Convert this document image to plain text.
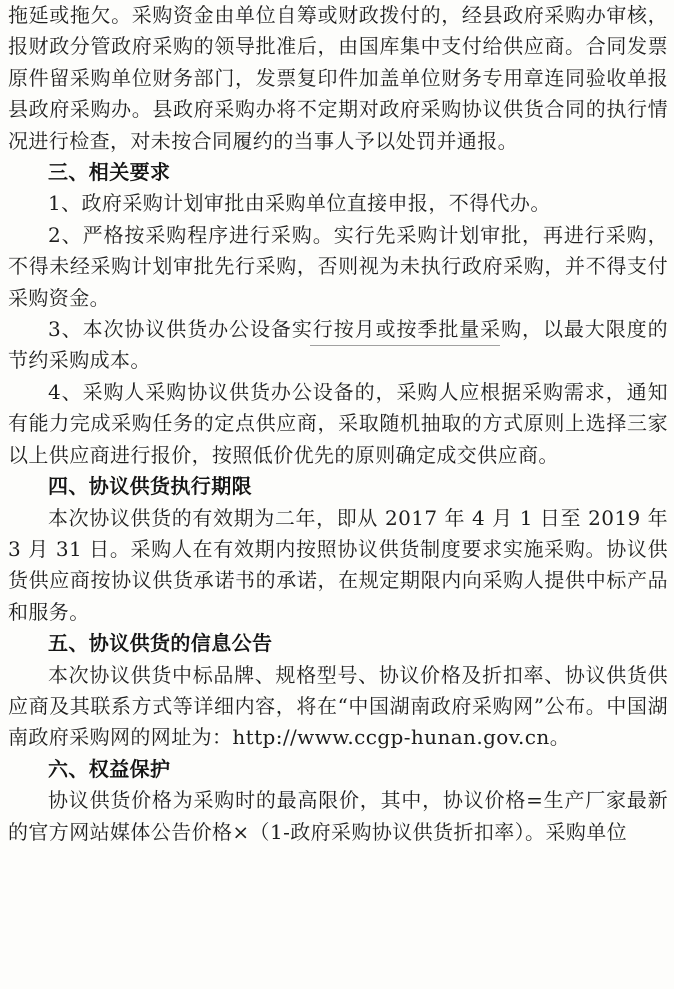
拖延或拖欠。采购资金由单位自筹或财政拨付的，经县政府采购办审核，报财政分管政府采购的领导批准后，由国库集中支付给供应商。合同发票原件留采购单位财务部门，发票复印件加盖单位财务专用章连同验收单报县政府采购办。县政府采购办将不定期对政府采购协议供货合同的执行情况进行检查，对未按合同履约的当事人予以处罚并通报。

三、相关要求

1、政府采购计划审批由采购单位直接申报，不得代办。

2、严格按采购程序进行采购。实行先采购计划审批，再进行采购，不得未经采购计划审批先行采购，否则视为未执行政府采购，并不得支付采购资金。

3、本次协议供货办公设备实行按月或按季批量采购，以最大限度的节约采购成本。

4、采购人采购协议供货办公设备的，采购人应根据采购需求，通知有能力完成采购任务的定点供应商，采取随机抽取的方式原则上选择三家以上供应商进行报价，按照低价优先的原则确定成交供应商。

四、协议供货执行期限

本次协议供货的有效期为二年，即从 2017 年 4 月 1 日至 2019 年 3 月 31 日。采购人在有效期内按照协议供货制度要求实施采购。协议供货供应商按协议供货承诺书的承诺，在规定期限内向采购人提供中标产品和服务。

五、协议供货的信息公告

本次协议供货中标品牌、规格型号、协议价格及折扣率、协议供货供应商及其联系方式等详细内容，将在“中国湖南政府采购网”公布。中国湖南政府采购网的网址为：http://www.ccgp-hunan.gov.cn。

六、权益保护

协议供货价格为采购时的最高限价，其中，协议价格=生产厂家最新的官方网站媒体公告价格×（1-政府采购协议供货折扣率）。采购单位
